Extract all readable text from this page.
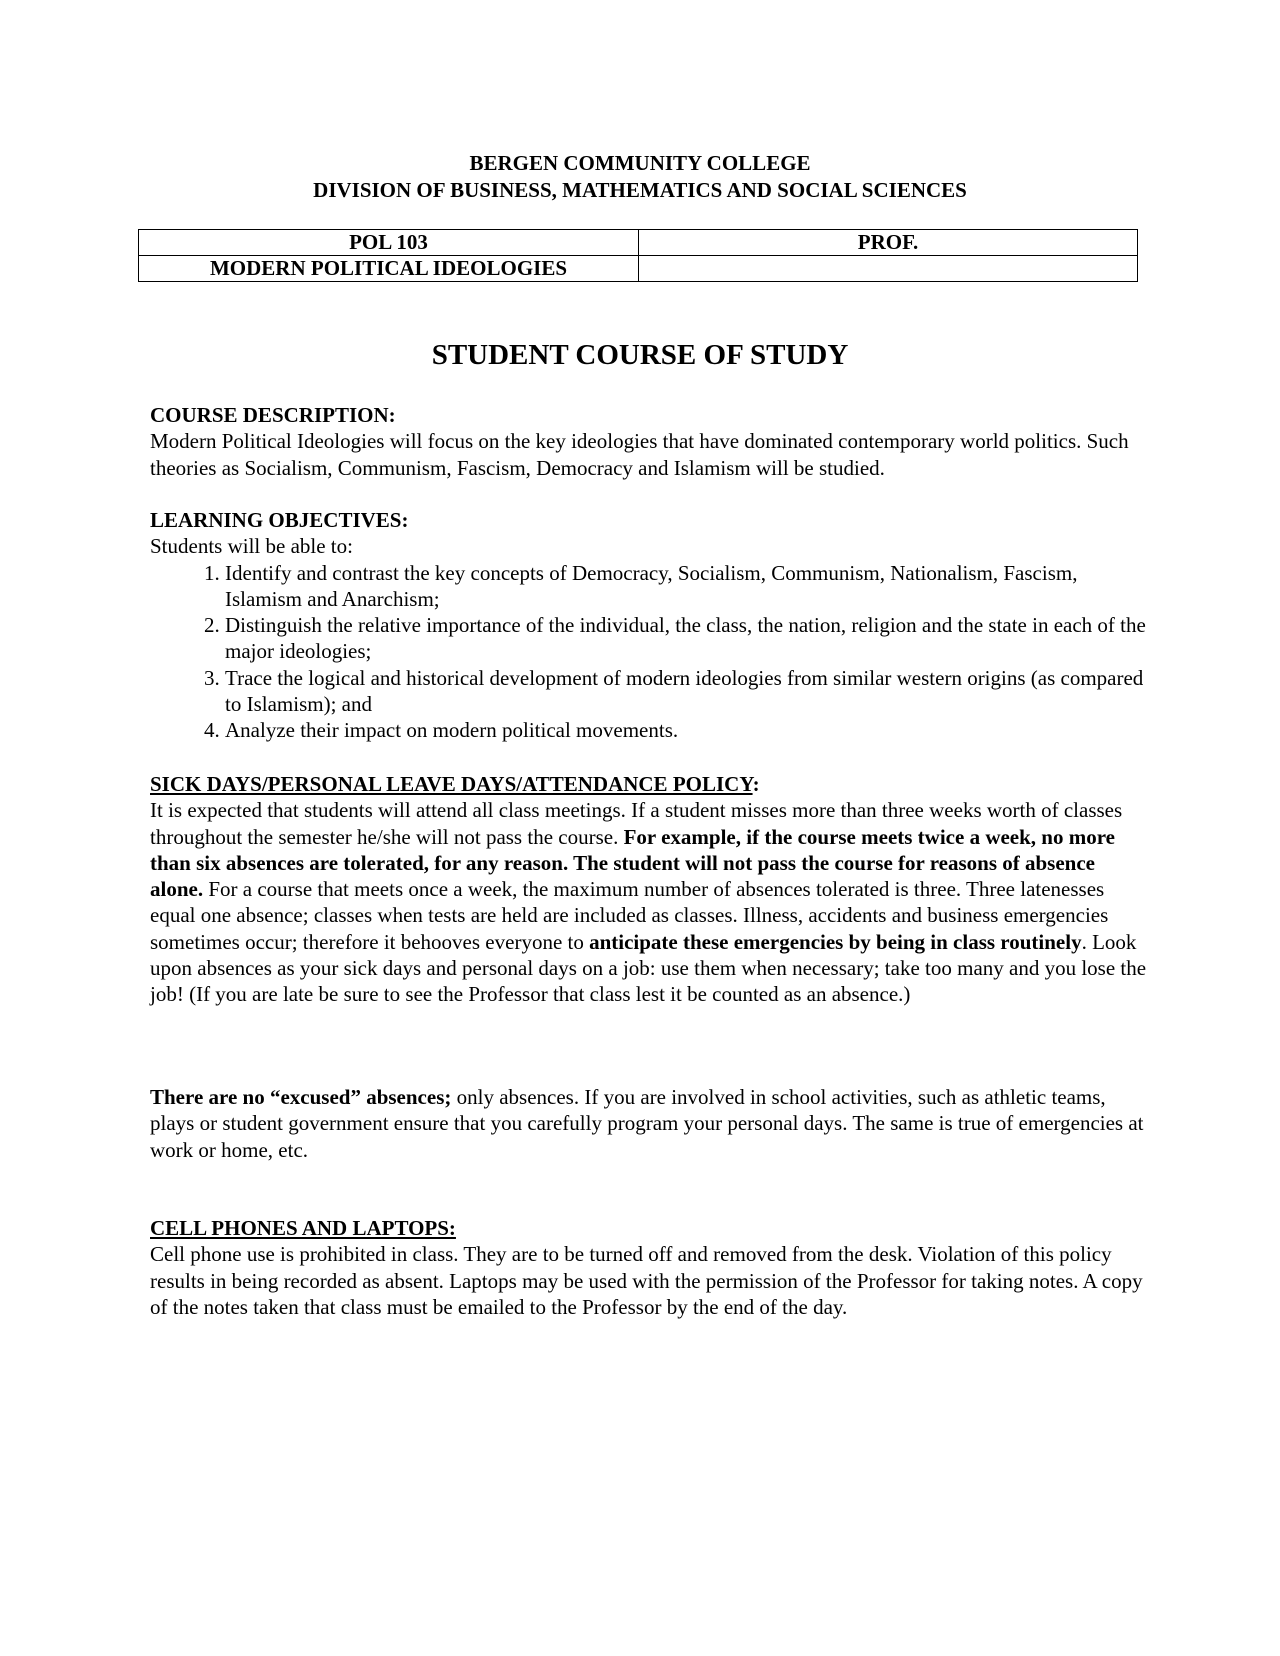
BERGEN COMMUNITY COLLEGE
DIVISION OF BUSINESS, MATHEMATICS AND SOCIAL SCIENCES
POL 103	PROF.
MODERN POLITICAL IDEOLOGIES	
STUDENT COURSE OF STUDY
COURSE DESCRIPTION:

Modern Political Ideologies will focus on the key ideologies that have dominated contemporary world politics. Such theories as Socialism, Communism, Fascism, Democracy and Islamism will be studied.

LEARNING OBJECTIVES:
Students will be able to:
1. Identify and contrast the key concepts of Democracy, Socialism, Communism, Nationalism, Fascism, Islamism and Anarchism;
2. Distinguish the relative importance of the individual, the class, the nation, religion and the state in each of the major ideologies;
3. Trace the logical and historical development of modern ideologies from similar western origins (as compared to Islamism); and
4. Analyze their impact on modern political movements.
SICK DAYS/PERSONAL LEAVE DAYS/ATTENDANCE POLICY:

It is expected that students will attend all class meetings. If a student misses more than three weeks worth of classes throughout the semester he/she will not pass the course. For example, if the course meets twice a week, no more than six absences are tolerated, for any reason. The student will not pass the course for reasons of absence alone. For a course that meets once a week, the maximum number of absences tolerated is three. Three latenesses equal one absence; classes when tests are held are included as classes. Illness, accidents and business emergencies sometimes occur; therefore it behooves everyone to anticipate these emergencies by being in class routinely. Look upon absences as your sick days and personal days on a job: use them when necessary; take too many and you lose the job! (If you are late be sure to see the Professor that class lest it be counted as an absence.)

There are no “excused” absences; only absences. If you are involved in school activities, such as athletic teams, plays or student government ensure that you carefully program your personal days. The same is true of emergencies at work or home, etc.

CELL PHONES AND LAPTOPS:

Cell phone use is prohibited in class. They are to be turned off and removed from the desk. Violation of this policy results in being recorded as absent. Laptops may be used with the permission of the Professor for taking notes. A copy of the notes taken that class must be emailed to the Professor by the end of the day.
